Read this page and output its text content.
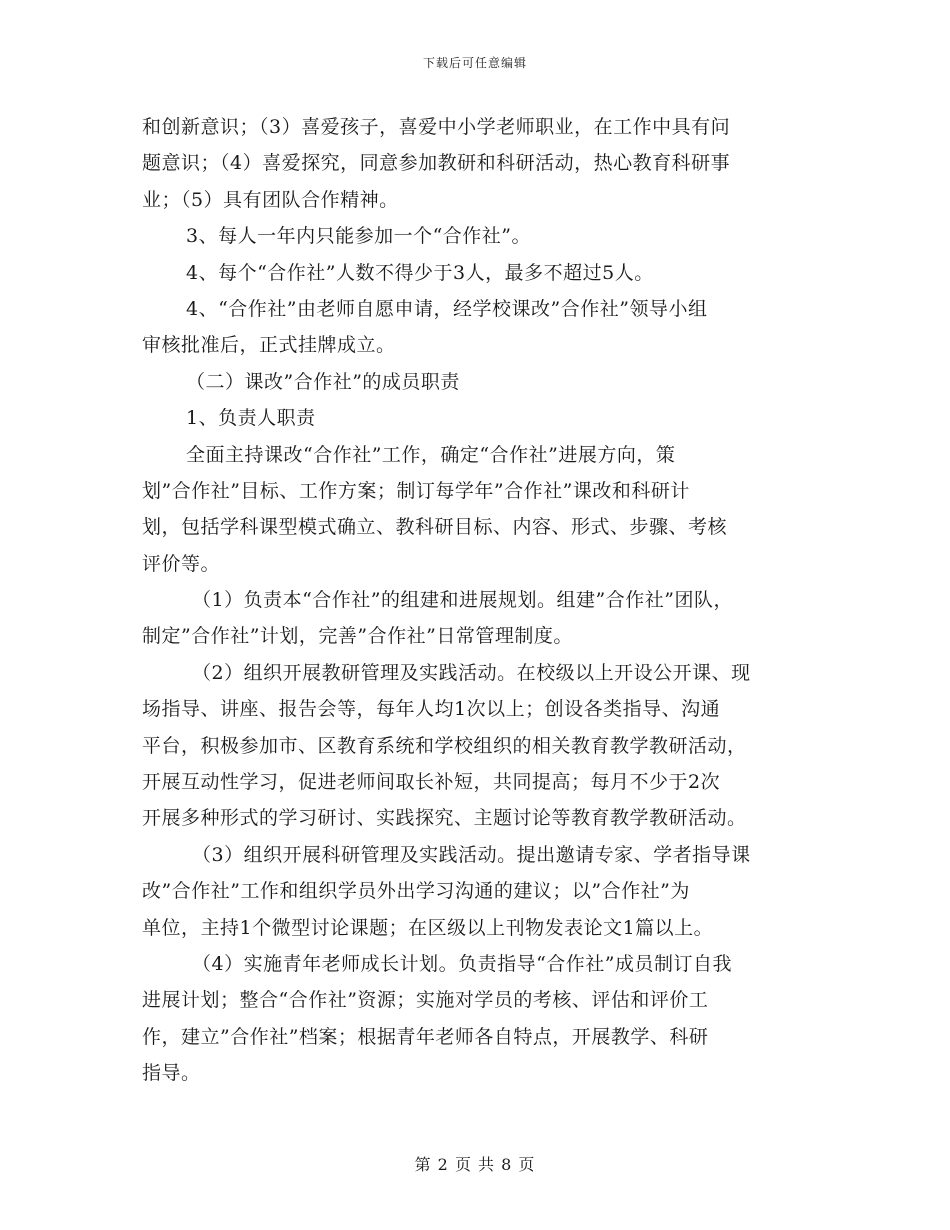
下载后可任意编辑
和创新意识；（3）喜爱孩子，喜爱中小学老师职业，在工作中具有问
题意识；（4）喜爱探究，同意参加教研和科研活动，热心教育科研事
业；（5）具有团队合作精神。
3、每人一年内只能参加一个“合作社”。
4、每个“合作社”人数不得少于3人，最多不超过5人。
4、“合作社”由老师自愿申请，经学校课改”合作社”领导小组
审核批准后，正式挂牌成立。
（二）课改”合作社”的成员职责
1、负责人职责
全面主持课改“合作社”工作，确定“合作社”进展方向，策
划”合作社”目标、工作方案；制订每学年”合作社”课改和科研计
划，包括学科课型模式确立、教科研目标、内容、形式、步骤、考核
评价等。
（1）负责本“合作社”的组建和进展规划。组建”合作社”团队，
制定”合作社”计划，完善”合作社”日常管理制度。
（2）组织开展教研管理及实践活动。在校级以上开设公开课、现
场指导、讲座、报告会等，每年人均1次以上；创设各类指导、沟通
平台，积极参加市、区教育系统和学校组织的相关教育教学教研活动，
开展互动性学习，促进老师间取长补短，共同提高；每月不少于2次
开展多种形式的学习研讨、实践探究、主题讨论等教育教学教研活动。
（3）组织开展科研管理及实践活动。提出邀请专家、学者指导课
改”合作社”工作和组织学员外出学习沟通的建议；以”合作社”为
单位，主持1个微型讨论课题；在区级以上刊物发表论文1篇以上。
（4）实施青年老师成长计划。负责指导“合作社”成员制订自我
进展计划；整合“合作社”资源；实施对学员的考核、评估和评价工
作，建立”合作社”档案；根据青年老师各自特点，开展教学、科研
指导。
第 2 页 共 8 页
